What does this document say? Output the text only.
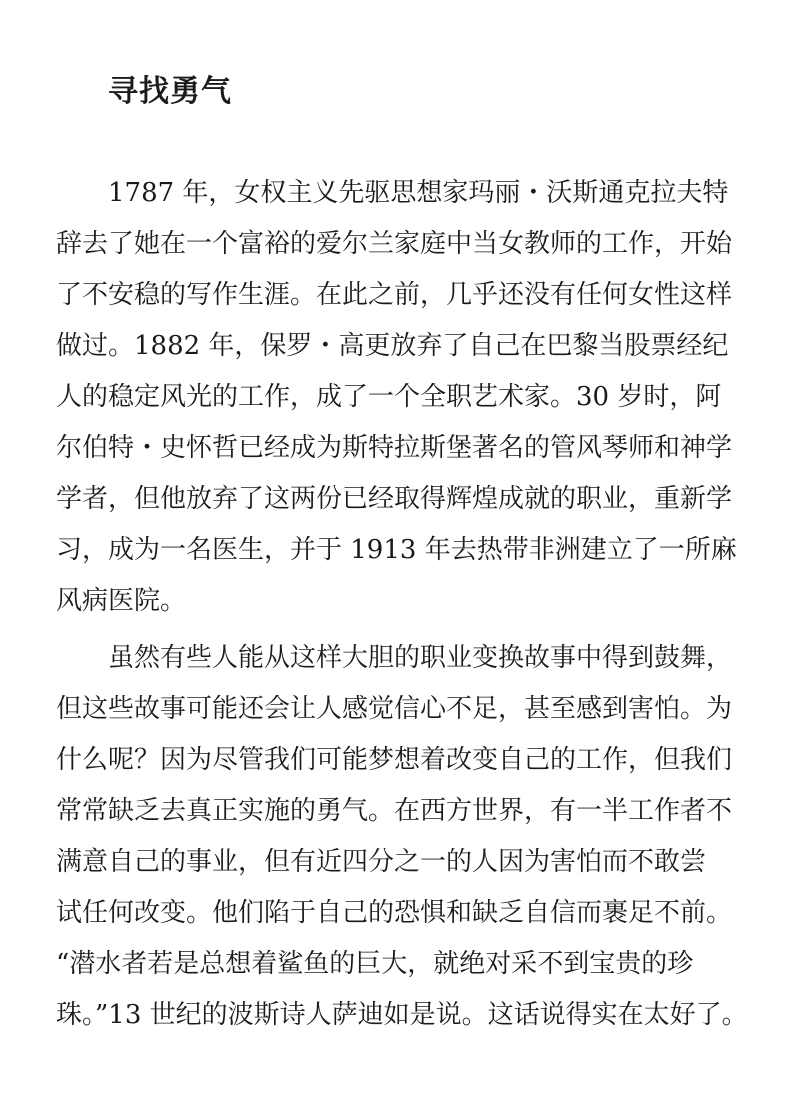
寻找勇气
　　1787 年，女权主义先驱思想家玛丽・沃斯通克拉夫特
辞去了她在一个富裕的爱尔兰家庭中当女教师的工作，开始
了不安稳的写作生涯。在此之前，几乎还没有任何女性这样
做过。1882 年，保罗・高更放弃了自己在巴黎当股票经纪
人的稳定风光的工作，成了一个全职艺术家。30 岁时，阿
尔伯特・史怀哲已经成为斯特拉斯堡著名的管风琴师和神学
学者，但他放弃了这两份已经取得辉煌成就的职业，重新学
习，成为一名医生，并于 1913 年去热带非洲建立了一所麻
风病医院。
　　虽然有些人能从这样大胆的职业变换故事中得到鼓舞，
但这些故事可能还会让人感觉信心不足，甚至感到害怕。为
什么呢？因为尽管我们可能梦想着改变自己的工作，但我们
常常缺乏去真正实施的勇气。在西方世界，有一半工作者不
满意自己的事业，但有近四分之一的人因为害怕而不敢尝
试任何改变。他们陷于自己的恐惧和缺乏自信而裹足不前。
“潜水者若是总想着鲨鱼的巨大，就绝对采不到宝贵的珍
珠。”13 世纪的波斯诗人萨迪如是说。这话说得实在太好了。
